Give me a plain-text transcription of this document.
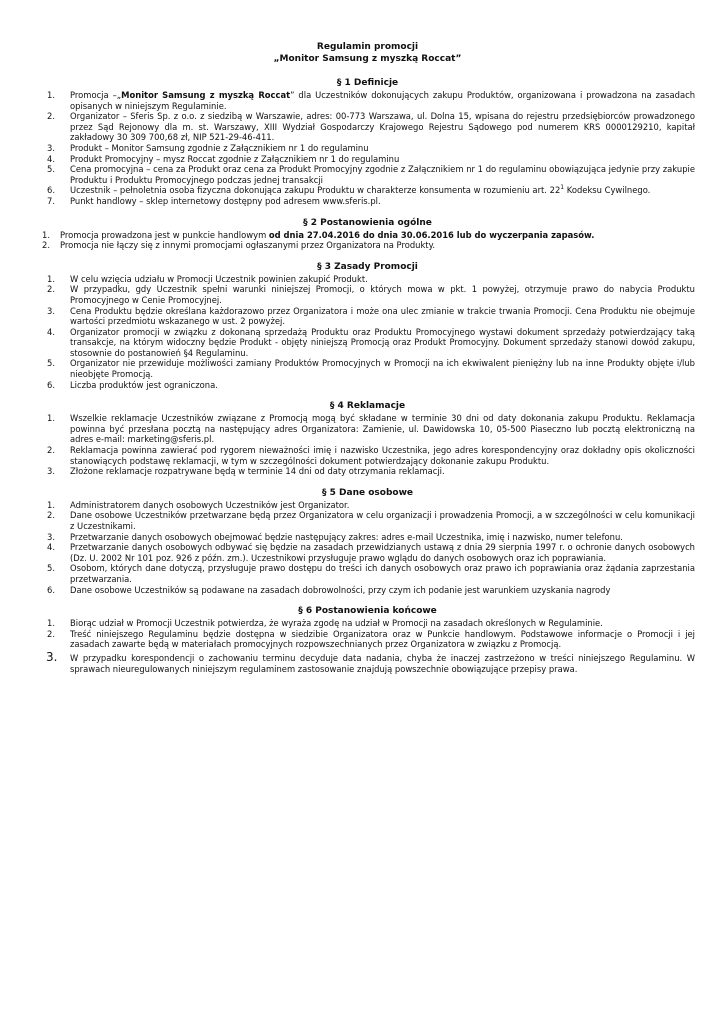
Regulamin promocji
„Monitor Samsung z myszką Roccat”
§ 1 Definicje
1. Promocja –„Monitor Samsung z myszką Roccat” dla Uczestników dokonujących zakupu Produktów, organizowana i prowadzona na zasadach opisanych w niniejszym Regulaminie.
2. Organizator – Sferis Sp. z o.o. z siedzibą w Warszawie, adres: 00-773 Warszawa, ul. Dolna 15, wpisana do rejestru przedsiębiorców prowadzonego przez Sąd Rejonowy dla m. st. Warszawy, XIII Wydział Gospodarczy Krajowego Rejestru Sądowego pod numerem KRS 0000129210, kapitał zakładowy 30 309 700,68 zł, NIP 521-29-46-411.
3. Produkt – Monitor Samsung zgodnie z Załącznikiem nr 1 do regulaminu
4. Produkt Promocyjny – mysz Roccat zgodnie z Załącznikiem nr 1 do regulaminu
5. Cena promocyjna – cena za Produkt oraz cena za Produkt Promocyjny zgodnie z Załącznikiem nr 1 do regulaminu obowiązująca jedynie przy zakupie Produktu i Produktu Promocyjnego podczas jednej transakcji
6. Uczestnik – pełnoletnia osoba fizyczna dokonująca zakupu Produktu w charakterze konsumenta w rozumieniu art. $22^1$ Kodeksu Cywilnego.
7. Punkt handlowy – sklep internetowy dostępny pod adresem www.sferis.pl.
§ 2 Postanowienia ogólne
1. Promocja prowadzona jest w punkcie handlowym od dnia 27.04.2016 do dnia 30.06.2016 lub do wyczerpania zapasów.
2. Promocja nie łączy się z innymi promocjami ogłaszanymi przez Organizatora na Produkty.
§ 3 Zasady Promocji
1. W celu wzięcia udziału w Promocji Uczestnik powinien zakupić Produkt.
2. W przypadku, gdy Uczestnik spełni warunki niniejszej Promocji, o których mowa w pkt. 1 powyżej, otrzymuje prawo do nabycia Produktu Promocyjnego w Cenie Promocyjnej.
3. Cena Produktu będzie określana każdorazowo przez Organizatora i może ona ulec zmianie w trakcie trwania Promocji. Cena Produktu nie obejmuje wartości przedmiotu wskazanego w ust. 2 powyżej.
4. Organizator promocji w związku z dokonaną sprzedażą Produktu oraz Produktu Promocyjnego wystawi dokument sprzedaży potwierdzający taką transakcje, na którym widoczny będzie Produkt - objęty niniejszą Promocją oraz Produkt Promocyjny. Dokument sprzedaży stanowi dowód zakupu, stosownie do postanowień §4 Regulaminu.
5. Organizator nie przewiduje możliwości zamiany Produktów Promocyjnych w Promocji na ich ekwiwalent pieniężny lub na inne Produkty objęte i/lub nieobjęte Promocją.
6. Liczba produktów jest ograniczona.
§ 4 Reklamacje
1. Wszelkie reklamacje Uczestników związane z Promocją mogą być składane w terminie 30 dni od daty dokonania zakupu Produktu. Reklamacja powinna być przesłana pocztą na następujący adres Organizatora: Zamienie, ul. Dawidowska 10, 05-500 Piaseczno lub pocztą elektroniczną na adres e-mail: marketing@sferis.pl.
2. Reklamacja powinna zawierać pod rygorem nieważności imię i nazwisko Uczestnika, jego adres korespondencyjny oraz dokładny opis okoliczności stanowiących podstawę reklamacji, w tym w szczególności dokument potwierdzający dokonanie zakupu Produktu.
3. Złożone reklamacje rozpatrywane będą w terminie 14 dni od daty otrzymania reklamacji.
§ 5 Dane osobowe
1. Administratorem danych osobowych Uczestników jest Organizator.
2. Dane osobowe Uczestników przetwarzane będą przez Organizatora w celu organizacji i prowadzenia Promocji, a w szczególności w celu komunikacji z Uczestnikami.
3. Przetwarzanie danych osobowych obejmować będzie następujący zakres: adres e-mail Uczestnika, imię i nazwisko, numer telefonu.
4. Przetwarzanie danych osobowych odbywać się będzie na zasadach przewidzianych ustawą z dnia 29 sierpnia 1997 r. o ochronie danych osobowych (Dz. U. 2002 Nr 101 poz. 926 z późn. zm.). Uczestnikowi przysługuje prawo wglądu do danych osobowych oraz ich poprawiania.
5. Osobom, których dane dotyczą, przysługuje prawo dostępu do treści ich danych osobowych oraz prawo ich poprawiania oraz żądania zaprzestania przetwarzania.
6. Dane osobowe Uczestników są podawane na zasadach dobrowolności, przy czym ich podanie jest warunkiem uzyskania nagrody
§ 6 Postanowienia końcowe
1. Biorąc udział w Promocji Uczestnik potwierdza, że wyraża zgodę na udział w Promocji na zasadach określonych w Regulaminie.
2. Treść niniejszego Regulaminu będzie dostępna w siedzibie Organizatora oraz w Punkcie handlowym. Podstawowe informacje o Promocji i jej zasadach zawarte będą w materiałach promocyjnych rozpowszechnianych przez Organizatora w związku z Promocją.
3. W przypadku korespondencji o zachowaniu terminu decyduje data nadania, chyba że inaczej zastrzeżono w treści niniejszego Regulaminu. W sprawach nieuregulowanych niniejszym regulaminem zastosowanie znajdują powszechnie obowiązujące przepisy prawa.
